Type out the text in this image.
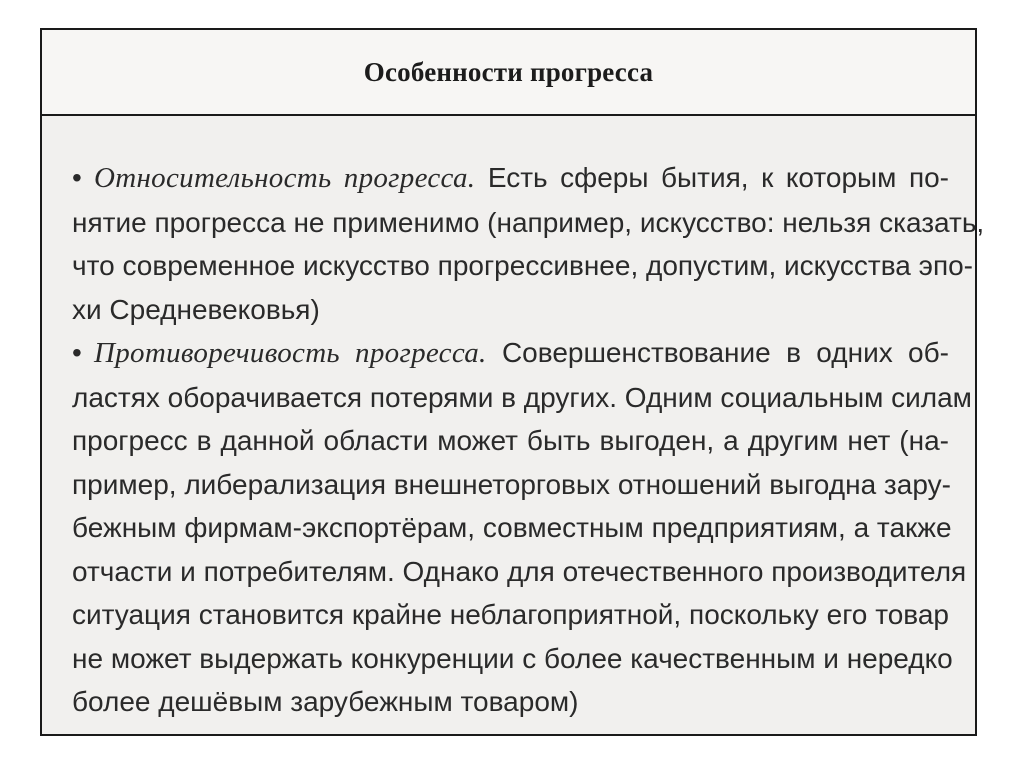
Особенности прогресса
• Относительность прогресса. Есть сферы бытия, к которым по-
нятие прогресса не применимо (например, искусство: нельзя сказать,
что современное искусство прогрессивнее, допустим, искусства эпо-
хи Средневековья)
• Противоречивость прогресса. Совершенствование в одних об-
ластях оборачивается потерями в других. Одним социальным силам
прогресс в данной области может быть выгоден, а другим нет (на-
пример, либерализация внешнеторговых отношений выгодна зару-
бежным фирмам-экспортёрам, совместным предприятиям, а также
отчасти и потребителям. Однако для отечественного производителя
ситуация становится крайне неблагоприятной, поскольку его товар
не может выдержать конкуренции с более качественным и нередко
более дешёвым зарубежным товаром)
